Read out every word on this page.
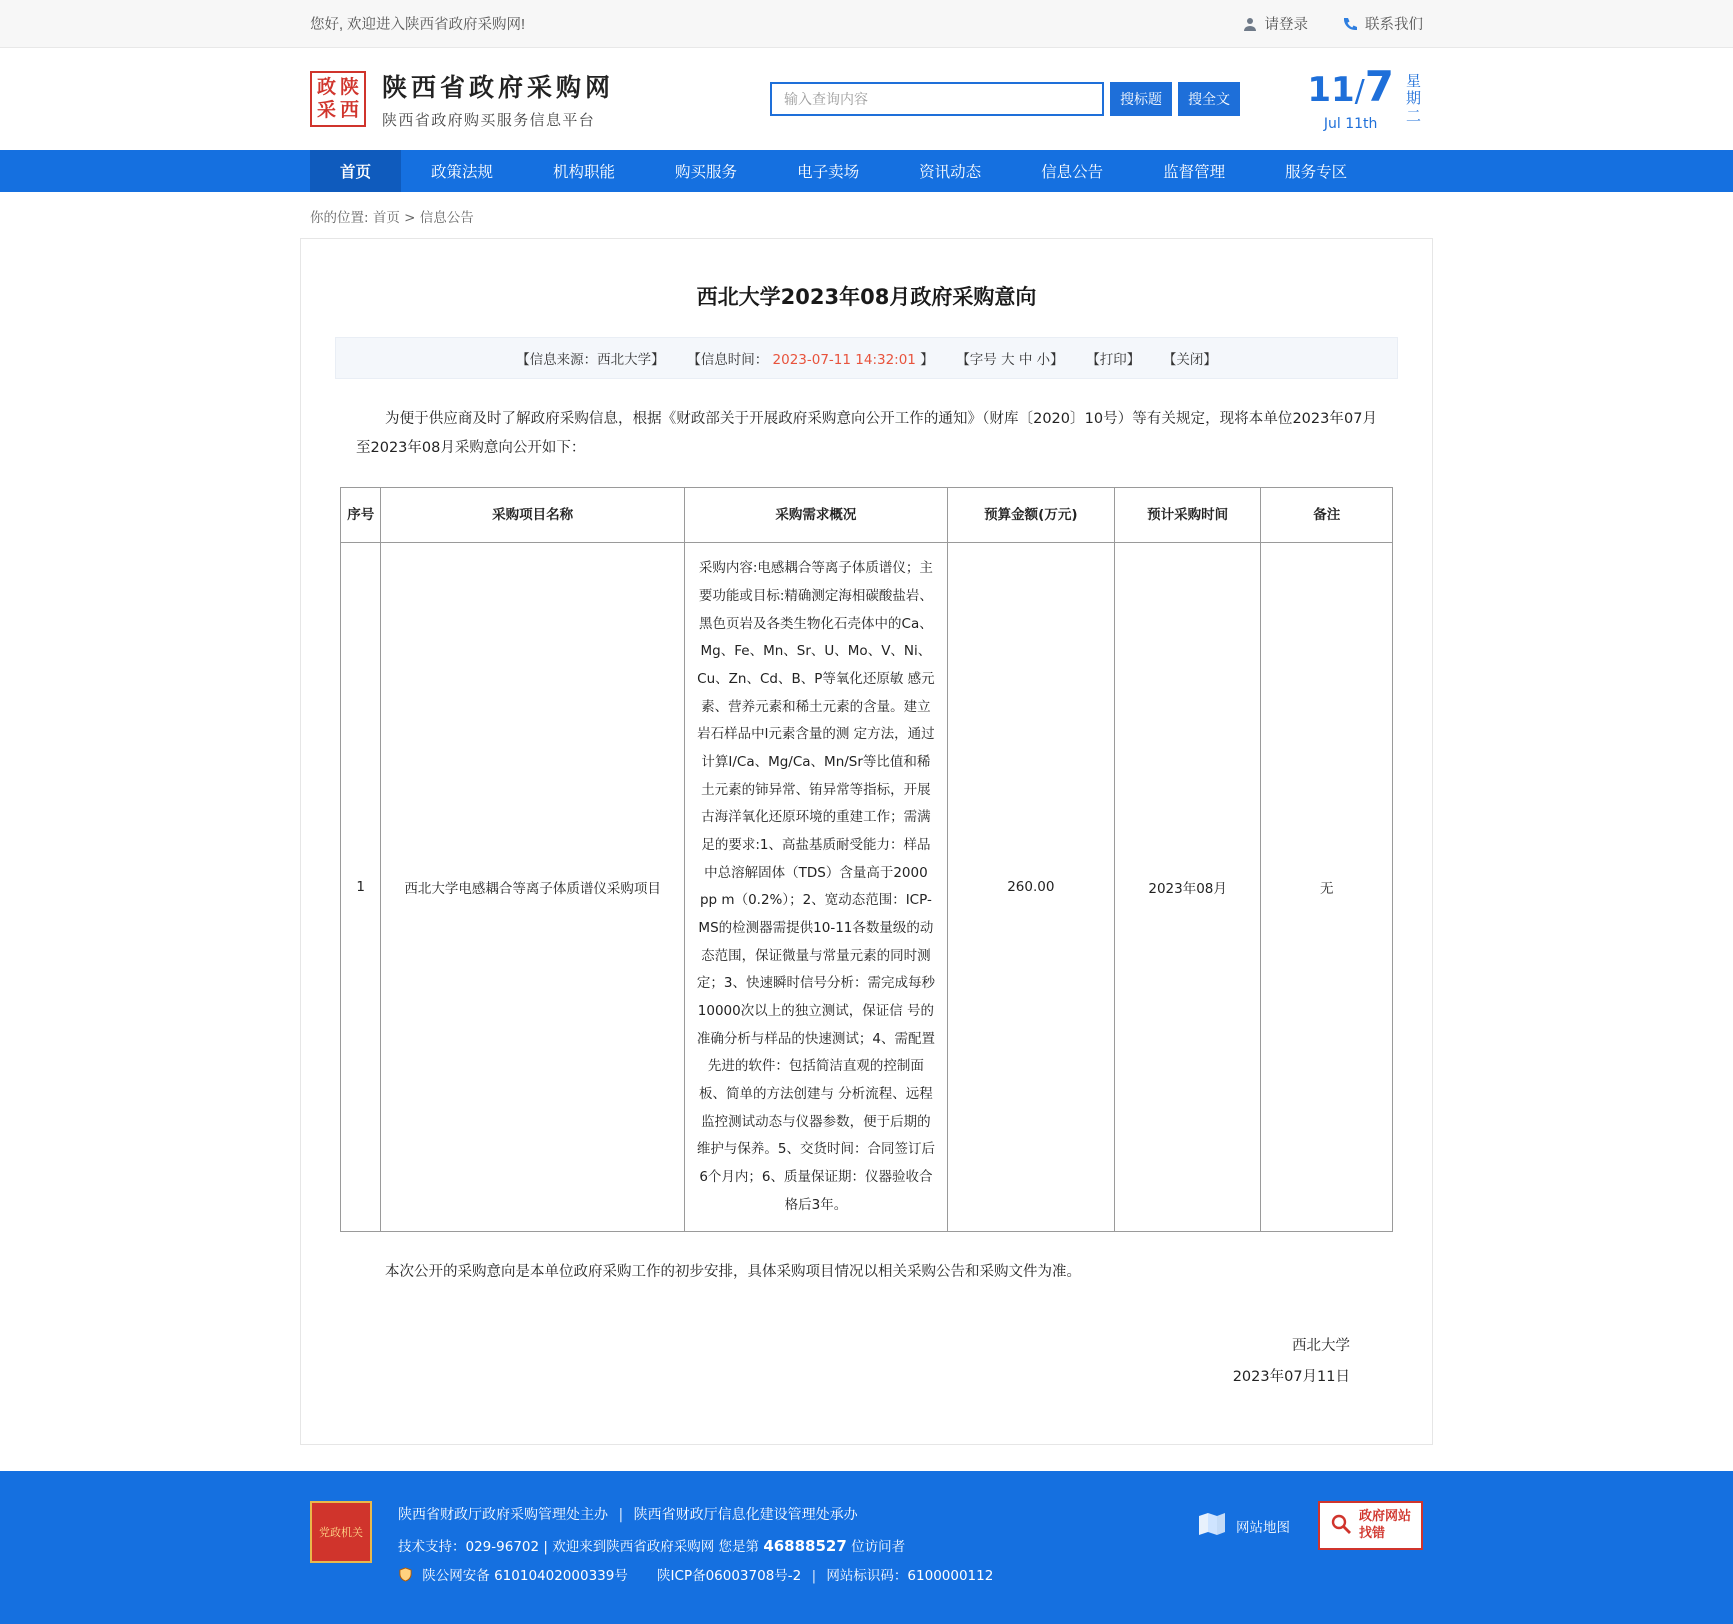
您好, 欢迎进入陕西省政府采购网!	请登录	联系我们
政 陕
采 西
陕西省政府采购网
陕西省政府购买服务信息平台
输入查询内容
搜标题	搜全文 11/7
Jul 11th
星期二
首页	政策法规	机构职能	购买服务	电子卖场	资讯动态	信息公告	监督管理	服务专区
你的位置: 首页 > 信息公告
西北大学2023年08月政府采购意向
【信息来源：西北大学】 【信息时间： 2023-07-11 14:32:01 】 【字号 大 中 小】 【打印】 【关闭】

为便于供应商及时了解政府采购信息，根据《财政部关于开展政府采购意向公开工作的通知》（财库〔2020〕10号）等有关规定，现将本单位2023年07月至2023年08月采购意向公开如下：

序号	采购项目名称	采购需求概况	预算金额(万元)	预计采购时间	备注
1	西北大学电感耦合等离子体质谱仪采购项目	采购内容:电感耦合等离子体质谱仪；主要功能或目标:精确测定海相碳酸盐岩、黑色页岩及各类生物化石壳体中的Ca、Mg、Fe、Mn、Sr、U、Mo、V、Ni、Cu、Zn、Cd、B、P等氧化还原敏 感元素、营养元素和稀土元素的含量。建立岩石样品中l元素含量的测 定方法，通过计算I/Ca、Mg/Ca、Mn/Sr等比值和稀土元素的铈异常、铕异常等指标，开展古海洋氧化还原环境的重建工作；需满足的要求:1、高盐基质耐受能力：样品中总溶解固体（TDS）含量高于2000 pp m（0.2%）；2、宽动态范围：ICP-MS的检测器需提供10-11各数量级的动态范围，保证微量与常量元素的同时测定；3、快速瞬时信号分析：需完成每秒10000次以上的独立测试，保证信 号的准确分析与样品的快速测试；4、需配置先进的软件：包括简洁直观的控制面板、简单的方法创建与 分析流程、远程监控测试动态与仪器参数，便于后期的维护与保养。5、交货时间：合同签订后6个月内；6、质量保证期：仪器验收合格后3年。	260.00	2023年08月	无

本次公开的采购意向是本单位政府采购工作的初步安排，具体采购项目情况以相关采购公告和采购文件为准。

西北大学
2023年07月11日
党政机关
陕西省财政厅政府采购管理处主办 | 陕西省财政厅信息化建设管理处承办
技术支持：029-96702 | 欢迎来到陕西省政府采购网 您是第 46888527 位访问者
陕公网安备 61010402000339号 陕ICP备06003708号-2 | 网站标识码：6100000112
网站地图
政府网站
找错
